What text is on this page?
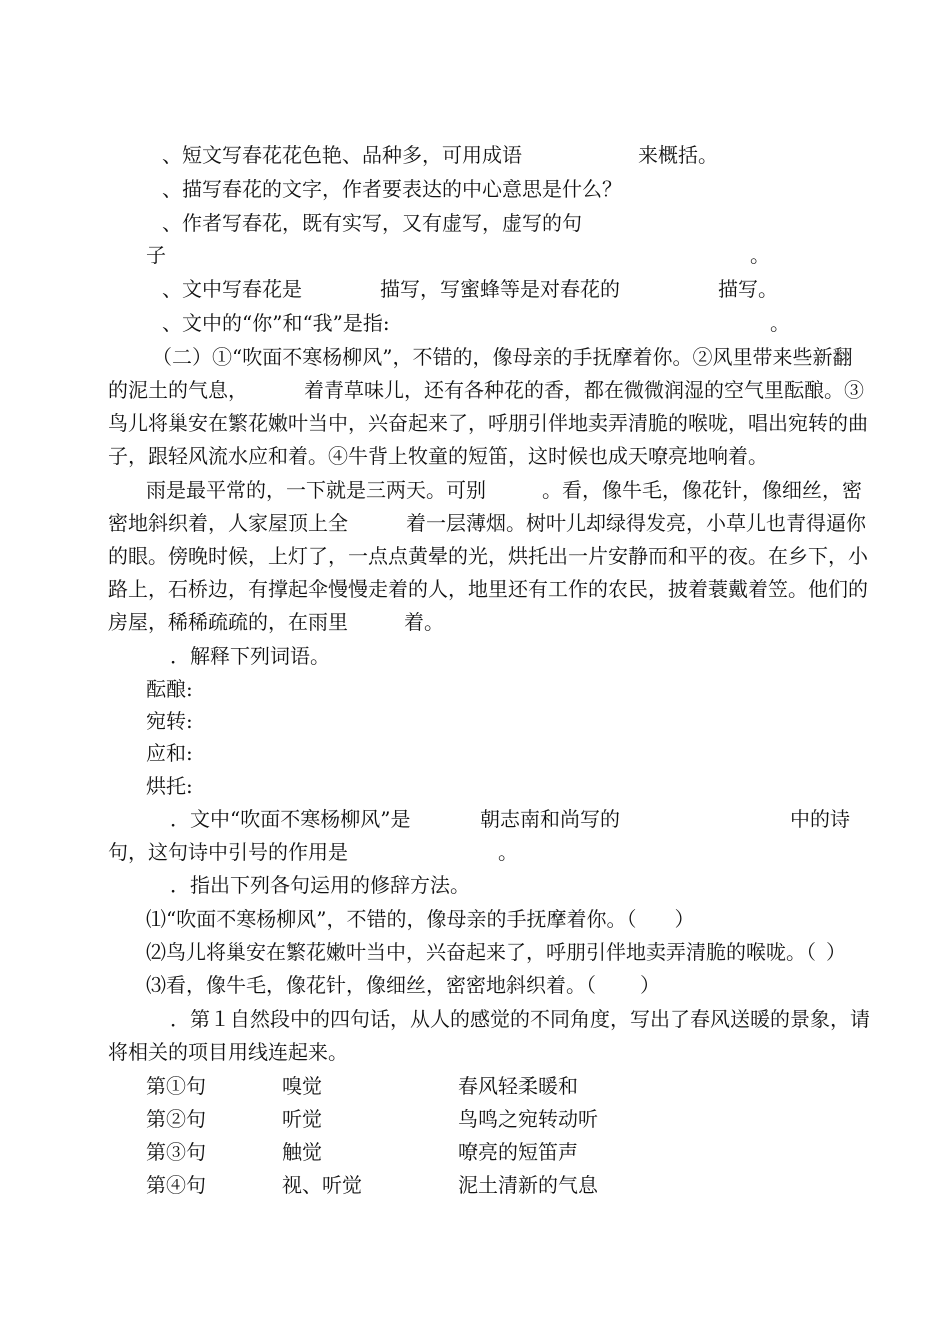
、短文写春花花色艳、品种多，可用成语	来概括。
、描写春花的文字，作者要表达的中心意思是什么？
、作者写春花，既有实写，又有虚写，虚写的句
子	。
、文中写春花是	描写，写蜜蜂等是对春花的	描写。
、文中的“你”和“我”是指:	。
（二）①“吹面不寒杨柳风”，不错的，像母亲的手抚摩着你。②风里带来些新翻
的泥土的气息，	着青草味儿，还有各种花的香，都在微微润湿的空气里酝酿。③
鸟儿将巢安在繁花嫩叶当中，兴奋起来了，呼朋引伴地卖弄清脆的喉咙，唱出宛转的曲
子，跟轻风流水应和着。④牛背上牧童的短笛，这时候也成天嘹亮地响着。
雨是最平常的，一下就是三两天。可别	。看，像牛毛，像花针，像细丝，密
密地斜织着，人家屋顶上全	着一层薄烟。树叶儿却绿得发亮，小草儿也青得逼你
的眼。傍晚时候，上灯了，一点点黄晕的光，烘托出一片安静而和平的夜。在乡下，小
路上，石桥边，有撑起伞慢慢走着的人，地里还有工作的农民，披着蓑戴着笠。他们的
房屋，稀稀疏疏的，在雨里	着。
．解释下列词语。
酝酿:
宛转:
应和:
烘托:
．文中“吹面不寒杨柳风”是	朝志南和尚写的	中的诗
句，这句诗中引号的作用是	。
．指出下列各句运用的修辞方法。
⑴“吹面不寒杨柳风”，不错的，像母亲的手抚摩着你。（ ）
⑵鸟儿将巢安在繁花嫩叶当中，兴奋起来了，呼朋引伴地卖弄清脆的喉咙。（ ）
⑶看，像牛毛，像花针，像细丝，密密地斜织着。（ ）
．第１自然段中的四句话，从人的感觉的不同角度，写出了春风送暖的景象，请
将相关的项目用线连起来。
第①句	嗅觉	春风轻柔暖和
第②句	听觉	鸟鸣之宛转动听
第③句	触觉	嘹亮的短笛声
第④句	视、听觉	泥土清新的气息
